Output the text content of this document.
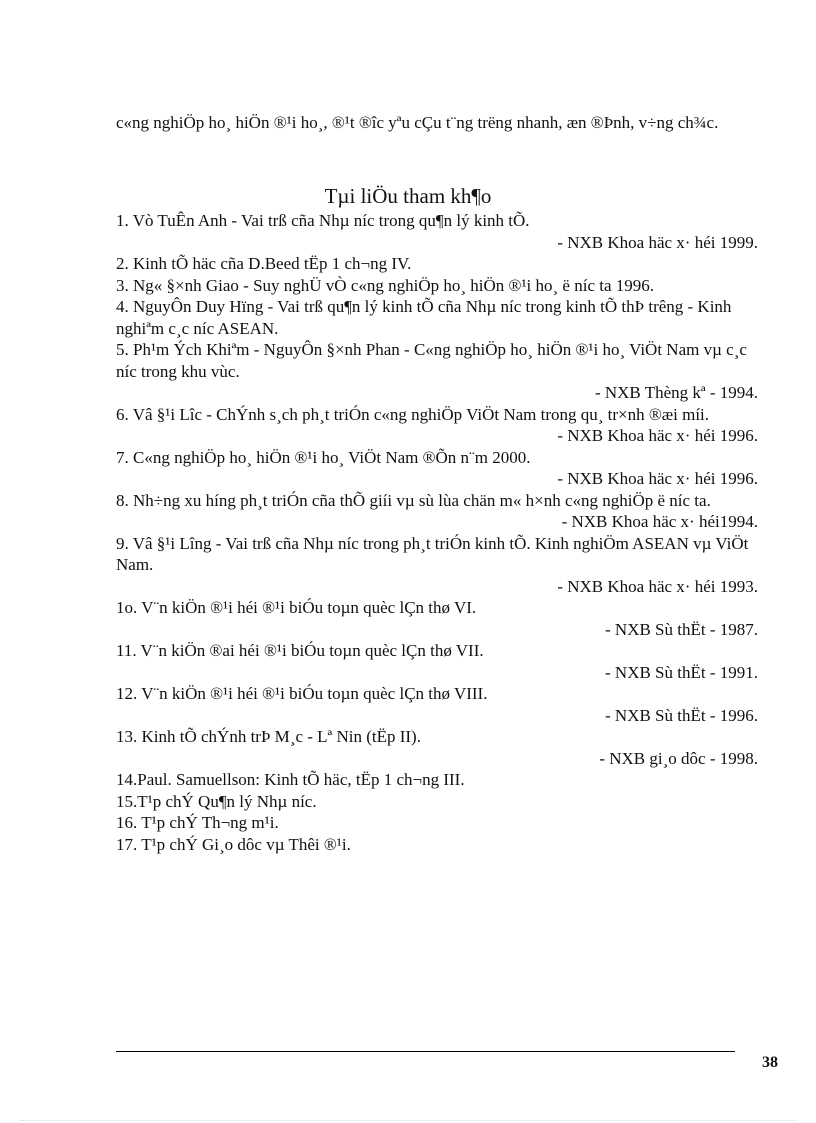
c«ng nghiÖp ho¸ hiÖn ®¹i ho¸, ®¹t ®îc yªu cÇu t¨ng trëng nhanh, æn ®Þnh, v÷ng ch¾c.
Tµi liÖu tham kh¶o

1. Vò TuÊn Anh - Vai trß cña Nhµ níc trong qu¶n lý kinh tÕ.
- NXB Khoa häc x· héi 1999.

2. Kinh tÕ häc cña D.Beed tËp 1 ch¬ng IV.

3. Ng« §×nh Giao - Suy nghÜ vÒ c«ng nghiÖp ho¸ hiÖn ®¹i ho¸ ë níc ta 1996.

4. NguyÔn Duy Hïng - Vai trß qu¶n lý kinh tÕ cña Nhµ níc trong kinh tÕ thÞ trêng - Kinh nghiªm c¸c níc ASEAN.

5. Ph¹m Ých Khiªm - NguyÔn §×nh Phan - C«ng nghiÖp ho¸ hiÖn ®¹i ho¸ ViÖt Nam vµ c¸c níc trong khu vùc.
- NXB Thèng kª - 1994.

6. Vâ §¹i Lîc - ChÝnh s¸ch ph¸t triÓn c«ng nghiÖp ViÖt Nam trong qu¸ tr×nh ®æi míi.
- NXB Khoa häc x· héi 1996.

7. C«ng nghiÖp ho¸ hiÖn ®¹i ho¸ ViÖt Nam ®Õn n¨m 2000.
- NXB Khoa häc x· héi 1996.

8. Nh÷ng xu híng ph¸t triÓn cña thÕ giíi vµ sù lùa chän m« h×nh c«ng nghiÖp ë níc ta.
- NXB Khoa häc x· héi1994.

9. Vâ §¹i Lîng - Vai trß cña Nhµ níc trong ph¸t triÓn kinh tÕ. Kinh nghiÖm ASEAN vµ ViÖt Nam.
- NXB Khoa häc x· héi 1993.

1o. V¨n kiÖn ®¹i héi ®¹i biÓu toµn quèc lÇn thø VI.
- NXB Sù thËt - 1987.

11. V¨n kiÖn ®ai héi ®¹i biÓu toµn quèc lÇn thø VII.
- NXB Sù thËt - 1991.

12. V¨n kiÖn ®¹i héi ®¹i biÓu toµn quèc lÇn thø VIII.
- NXB Sù thËt - 1996.

13. Kinh tÕ chÝnh trÞ M¸c - Lª Nin (tËp II).
- NXB gi¸o dôc - 1998.

14.Paul. Samuellson: Kinh tÕ häc, tËp 1 ch¬ng III.

15.T¹p chÝ Qu¶n lý Nhµ níc.

16. T¹p chÝ Th¬ng m¹i.

17. T¹p chÝ Gi¸o dôc vµ Thêi ®¹i.

38
